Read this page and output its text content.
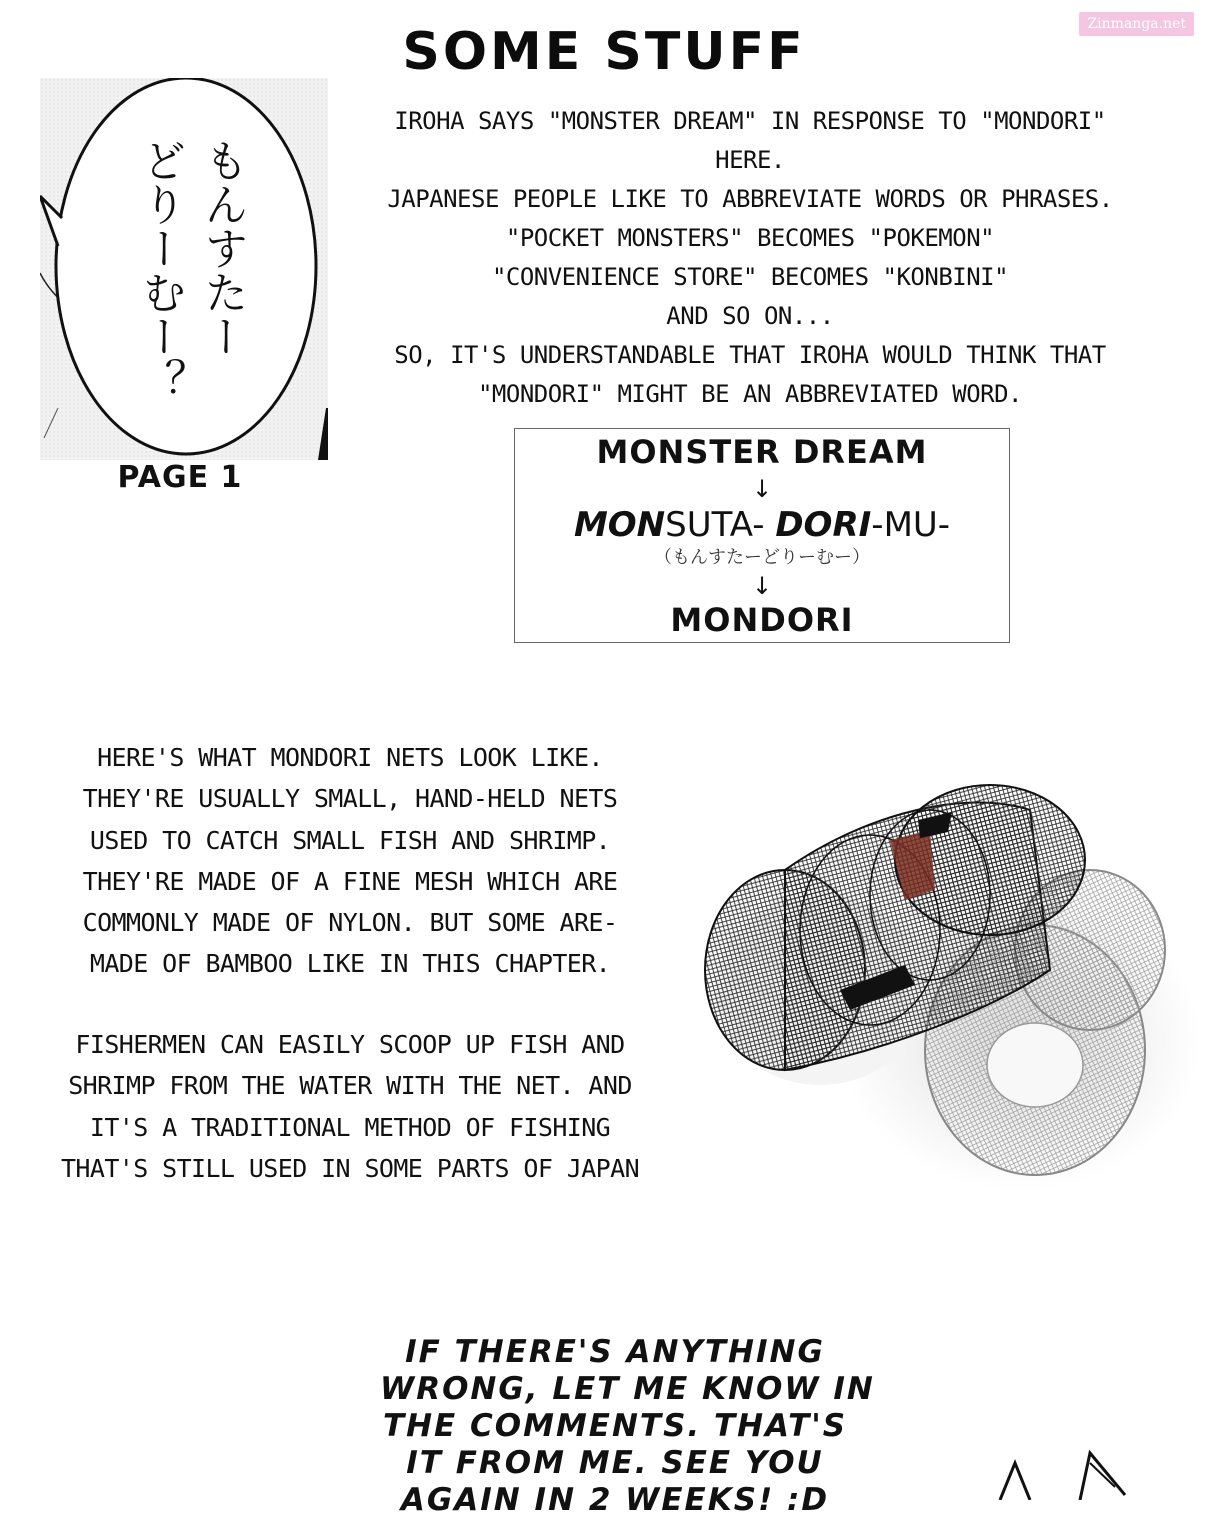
Zinmanga.net
SOME STUFF
もんすたー
どりーむー？
PAGE 1
IROHA SAYS "MONSTER DREAM" IN RESPONSE TO "MONDORI"
HERE.
JAPANESE PEOPLE LIKE TO ABBREVIATE WORDS OR PHRASES.
"POCKET MONSTERS" BECOMES "POKEMON"
"CONVENIENCE STORE" BECOMES "KONBINI"
AND SO ON...
SO, IT'S UNDERSTANDABLE THAT IROHA WOULD THINK THAT
"MONDORI" MIGHT BE AN ABBREVIATED WORD.
MONSTER DREAM
↓
MONSUTA- DORI-MU-
（もんすたーどりーむー）
↓
MONDORI
HERE'S WHAT MONDORI NETS LOOK LIKE.
THEY'RE USUALLY SMALL, HAND-HELD NETS
USED TO CATCH SMALL FISH AND SHRIMP.
THEY'RE MADE OF A FINE MESH WHICH ARE
COMMONLY MADE OF NYLON. BUT SOME ARE-
MADE OF BAMBOO LIKE IN THIS CHAPTER.
FISHERMEN CAN EASILY SCOOP UP FISH AND
SHRIMP FROM THE WATER WITH THE NET. AND
IT'S A TRADITIONAL METHOD OF FISHING
THAT'S STILL USED IN SOME PARTS OF JAPAN
IF THERE'S ANYTHING
WRONG, LET ME KNOW IN
THE COMMENTS. THAT'S
IT FROM ME. SEE YOU
AGAIN IN 2 WEEKS! :D
